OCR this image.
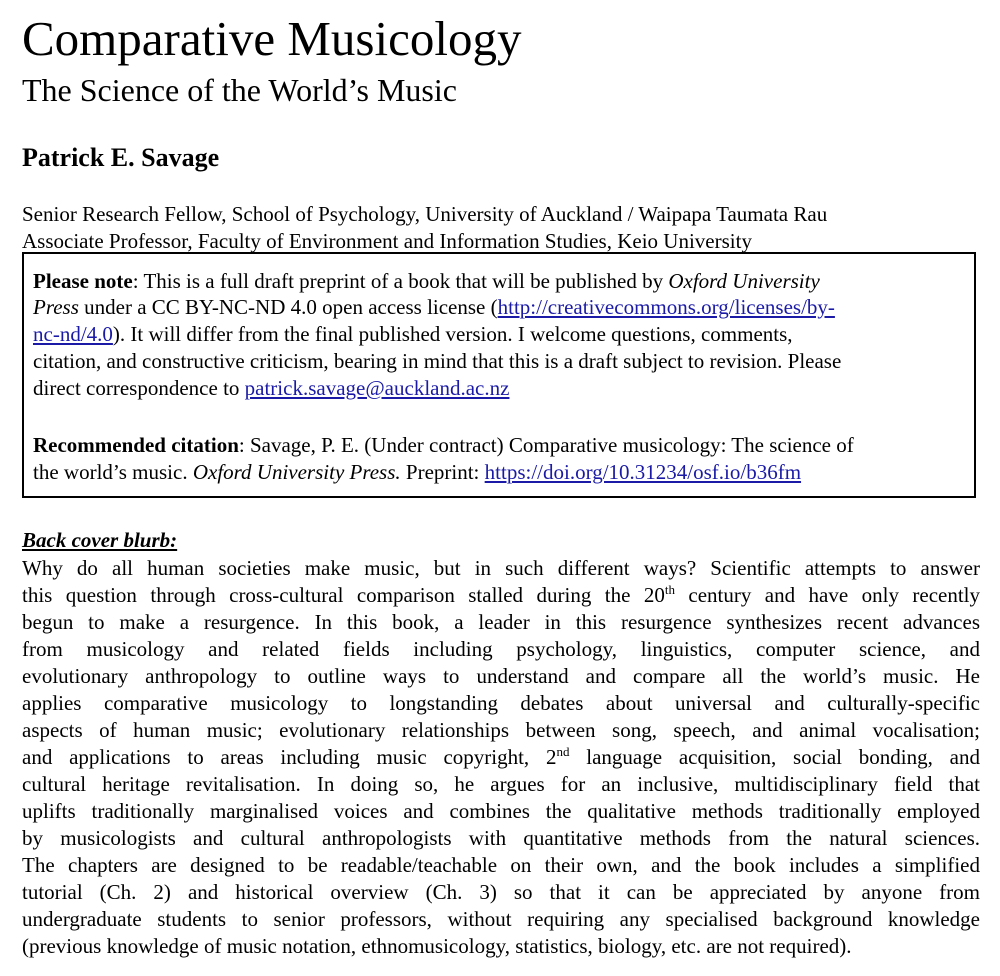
Comparative Musicology
The Science of the World’s Music
Patrick E. Savage
Senior Research Fellow, School of Psychology, University of Auckland / Waipapa Taumata Rau
Associate Professor, Faculty of Environment and Information Studies, Keio University
Please note: This is a full draft preprint of a book that will be published by Oxford University
Press under a CC BY-NC-ND 4.0 open access license (http://creativecommons.org/licenses/by-
nc-nd/4.0). It will differ from the final published version. I welcome questions, comments,
citation, and constructive criticism, bearing in mind that this is a draft subject to revision. Please
direct correspondence to patrick.savage@auckland.ac.nz
Recommended citation: Savage, P. E. (Under contract) Comparative musicology: The science of
the world’s music. Oxford University Press. Preprint: https://doi.org/10.31234/osf.io/b36fm
Back cover blurb:
Why do all human societies make music, but in such different ways? Scientific attempts to answer
this question through cross-cultural comparison stalled during the 20th century and have only recently
begun to make a resurgence. In this book, a leader in this resurgence synthesizes recent advances
from musicology and related fields including psychology, linguistics, computer science, and
evolutionary anthropology to outline ways to understand and compare all the world’s music. He
applies comparative musicology to longstanding debates about universal and culturally-specific
aspects of human music; evolutionary relationships between song, speech, and animal vocalisation;
and applications to areas including music copyright, 2nd language acquisition, social bonding, and
cultural heritage revitalisation. In doing so, he argues for an inclusive, multidisciplinary field that
uplifts traditionally marginalised voices and combines the qualitative methods traditionally employed
by musicologists and cultural anthropologists with quantitative methods from the natural sciences.
The chapters are designed to be readable/teachable on their own, and the book includes a simplified
tutorial (Ch. 2) and historical overview (Ch. 3) so that it can be appreciated by anyone from
undergraduate students to senior professors, without requiring any specialised background knowledge
(previous knowledge of music notation, ethnomusicology, statistics, biology, etc. are not required).
